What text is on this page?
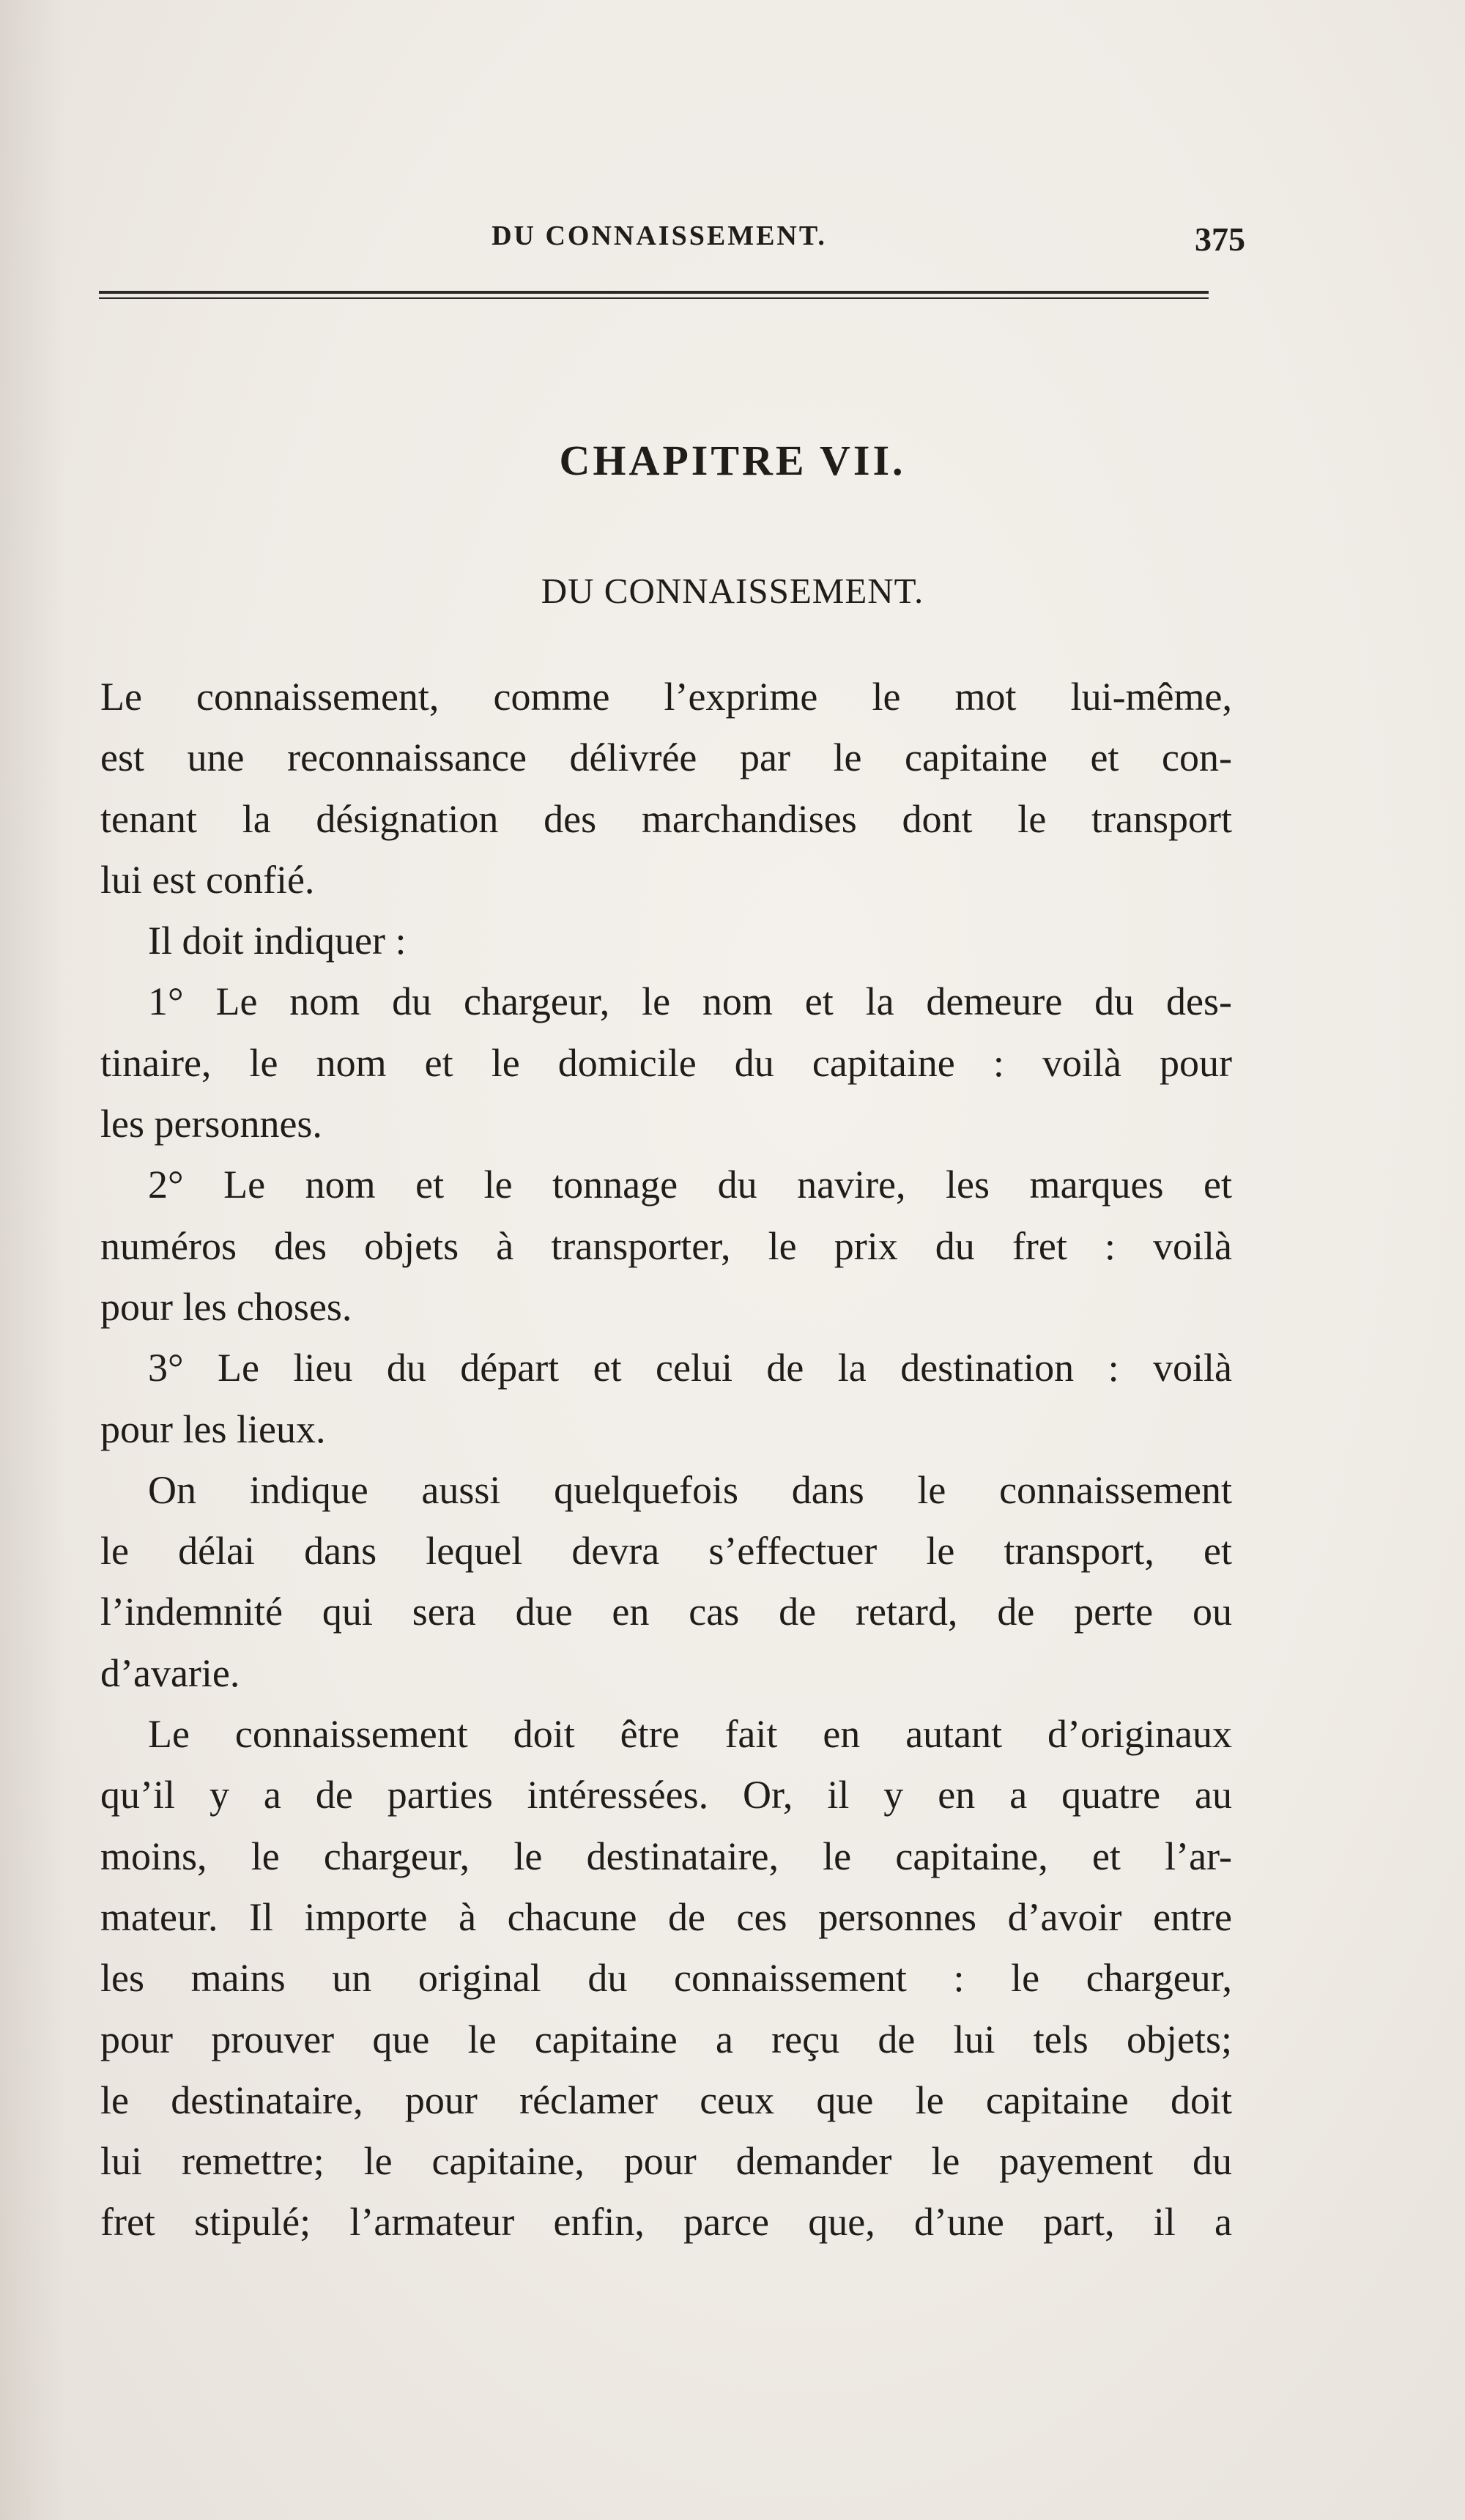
DU CONNAISSEMENT.	375
CHAPITRE VII.
DU CONNAISSEMENT.
Le connaissement, comme l’exprime le mot lui-même,
est une reconnaissance délivrée par le capitaine et con-
tenant la désignation des marchandises dont le transport
lui est confié.
Il doit indiquer :
1° Le nom du chargeur, le nom et la demeure du des-
tinaire, le nom et le domicile du capitaine : voilà pour
les personnes.
2° Le nom et le tonnage du navire, les marques et
numéros des objets à transporter, le prix du fret : voilà
pour les choses.
3° Le lieu du départ et celui de la destination : voilà
pour les lieux.
On indique aussi quelquefois dans le connaissement
le délai dans lequel devra s’effectuer le transport, et
l’indemnité qui sera due en cas de retard, de perte ou
d’avarie.
Le connaissement doit être fait en autant d’originaux
qu’il y a de parties intéressées. Or, il y en a quatre au
moins, le chargeur, le destinataire, le capitaine, et l’ar-
mateur. Il importe à chacune de ces personnes d’avoir entre
les mains un original du connaissement : le chargeur,
pour prouver que le capitaine a reçu de lui tels objets;
le destinataire, pour réclamer ceux que le capitaine doit
lui remettre; le capitaine, pour demander le payement du
fret stipulé; l’armateur enfin, parce que, d’une part, il a
